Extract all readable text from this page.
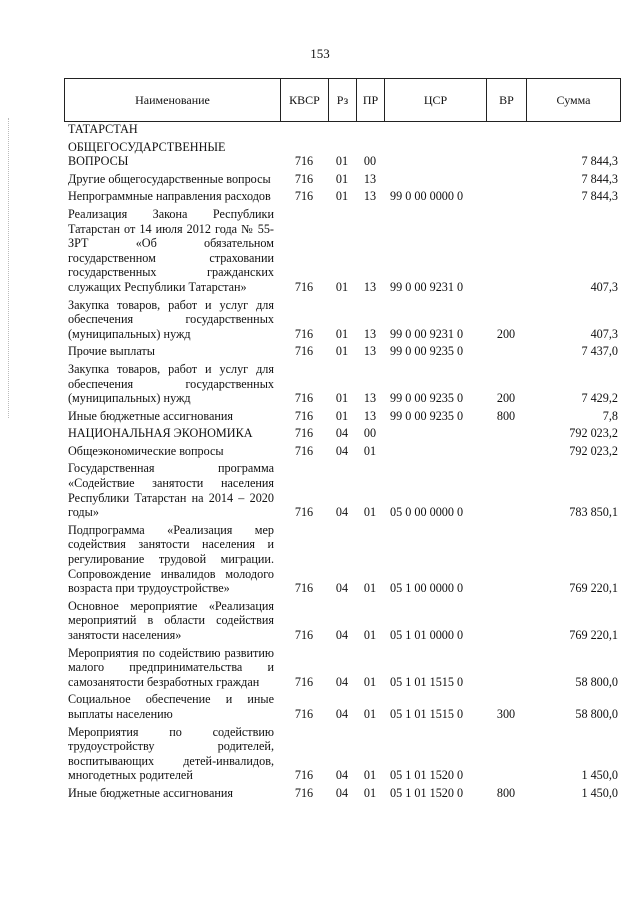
153
Наименование	КВСР	Рз	ПР	ЦСР	ВР	Сумма
ТАТАРСТАН						
ОБЩЕГОСУДАРСТВЕННЫЕ ВОПРОСЫ	716	01	00			7 844,3
Другие общегосударственные вопросы	716	01	13			7 844,3
Непрограммные направления расходов	716	01	13	99 0 00 0000 0		7 844,3
Реализация Закона Республики Татарстан от 14 июля 2012 года № 55-ЗРТ «Об обязательном государственном страховании государственных гражданских служащих Республики Татарстан»	716	01	13	99 0 00 9231 0		407,3
Закупка товаров, работ и услуг для обеспечения государственных (муниципальных) нужд	716	01	13	99 0 00 9231 0	200	407,3
Прочие выплаты	716	01	13	99 0 00 9235 0		7 437,0
Закупка товаров, работ и услуг для обеспечения государственных (муниципальных) нужд	716	01	13	99 0 00 9235 0	200	7 429,2
Иные бюджетные ассигнования	716	01	13	99 0 00 9235 0	800	7,8
НАЦИОНАЛЬНАЯ ЭКОНОМИКА	716	04	00			792 023,2
Общеэкономические вопросы	716	04	01			792 023,2
Государственная программа «Содействие занятости населения Республики Татарстан на 2014 – 2020 годы»	716	04	01	05 0 00 0000 0		783 850,1
Подпрограмма «Реализация мер содействия занятости населения и регулирование трудовой миграции. Сопровождение инвалидов молодого возраста при трудоустройстве»	716	04	01	05 1 00 0000 0		769 220,1
Основное мероприятие «Реализация мероприятий в области содействия занятости населения»	716	04	01	05 1 01 0000 0		769 220,1
Мероприятия по содействию развитию малого предпринимательства и самозанятости безработных граждан	716	04	01	05 1 01 1515 0		58 800,0
Социальное обеспечение и иные выплаты населению	716	04	01	05 1 01 1515 0	300	58 800,0
Мероприятия по содействию трудоустройству родителей, воспитывающих детей-инвалидов, многодетных родителей	716	04	01	05 1 01 1520 0		1 450,0
Иные бюджетные ассигнования	716	04	01	05 1 01 1520 0	800	1 450,0
